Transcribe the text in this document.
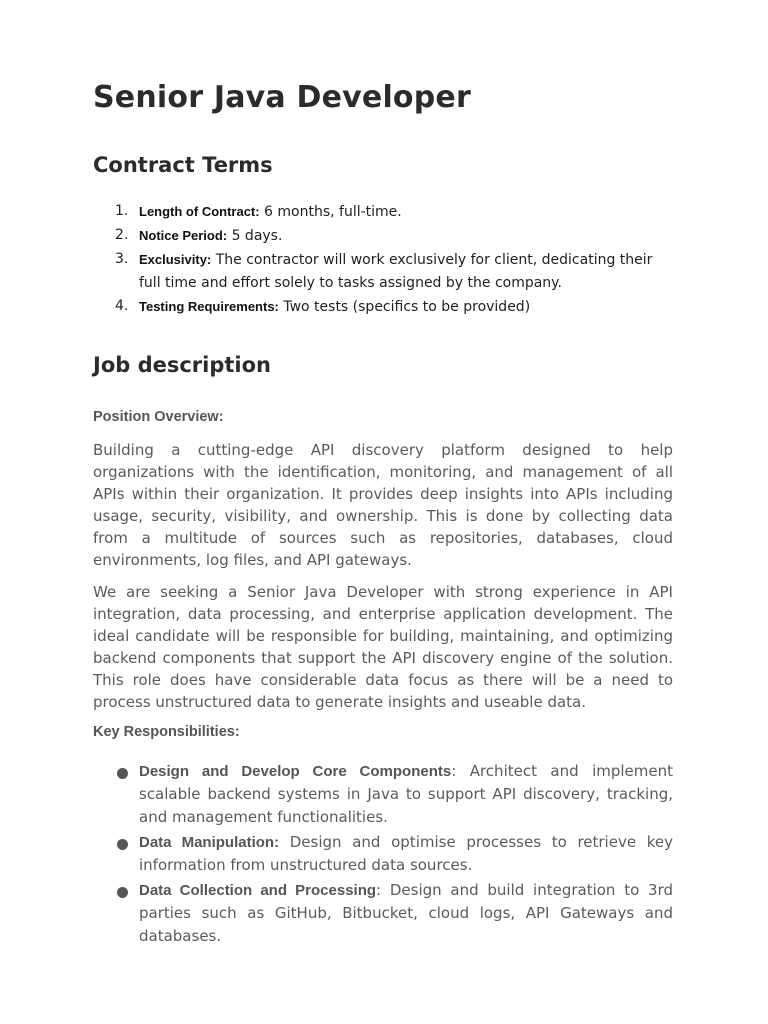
Senior Java Developer
Contract Terms
1. Length of Contract: 6 months, full-time.
2. Notice Period: 5 days.
3. Exclusivity: The contractor will work exclusively for client, dedicating their full time and effort solely to tasks assigned by the company.
4. Testing Requirements: Two tests (specifics to be provided)
Job description
Position Overview:

Building a cutting-edge API discovery platform designed to help organizations with the identification, monitoring, and management of all APIs within their organization. It provides deep insights into APIs including usage, security, visibility, and ownership. This is done by collecting data from a multitude of sources such as repositories, databases, cloud environments, log files, and API gateways.

We are seeking a Senior Java Developer with strong experience in API integration, data processing, and enterprise application development. The ideal candidate will be responsible for building, maintaining, and optimizing backend components that support the API discovery engine of the solution. This role does have considerable data focus as there will be a need to process unstructured data to generate insights and useable data.

Key Responsibilities:
Design and Develop Core Components: Architect and implement scalable backend systems in Java to support API discovery, tracking, and management functionalities.
Data Manipulation: Design and optimise processes to retrieve key information from unstructured data sources.
Data Collection and Processing: Design and build integration to 3rd parties such as GitHub, Bitbucket, cloud logs, API Gateways and databases.
